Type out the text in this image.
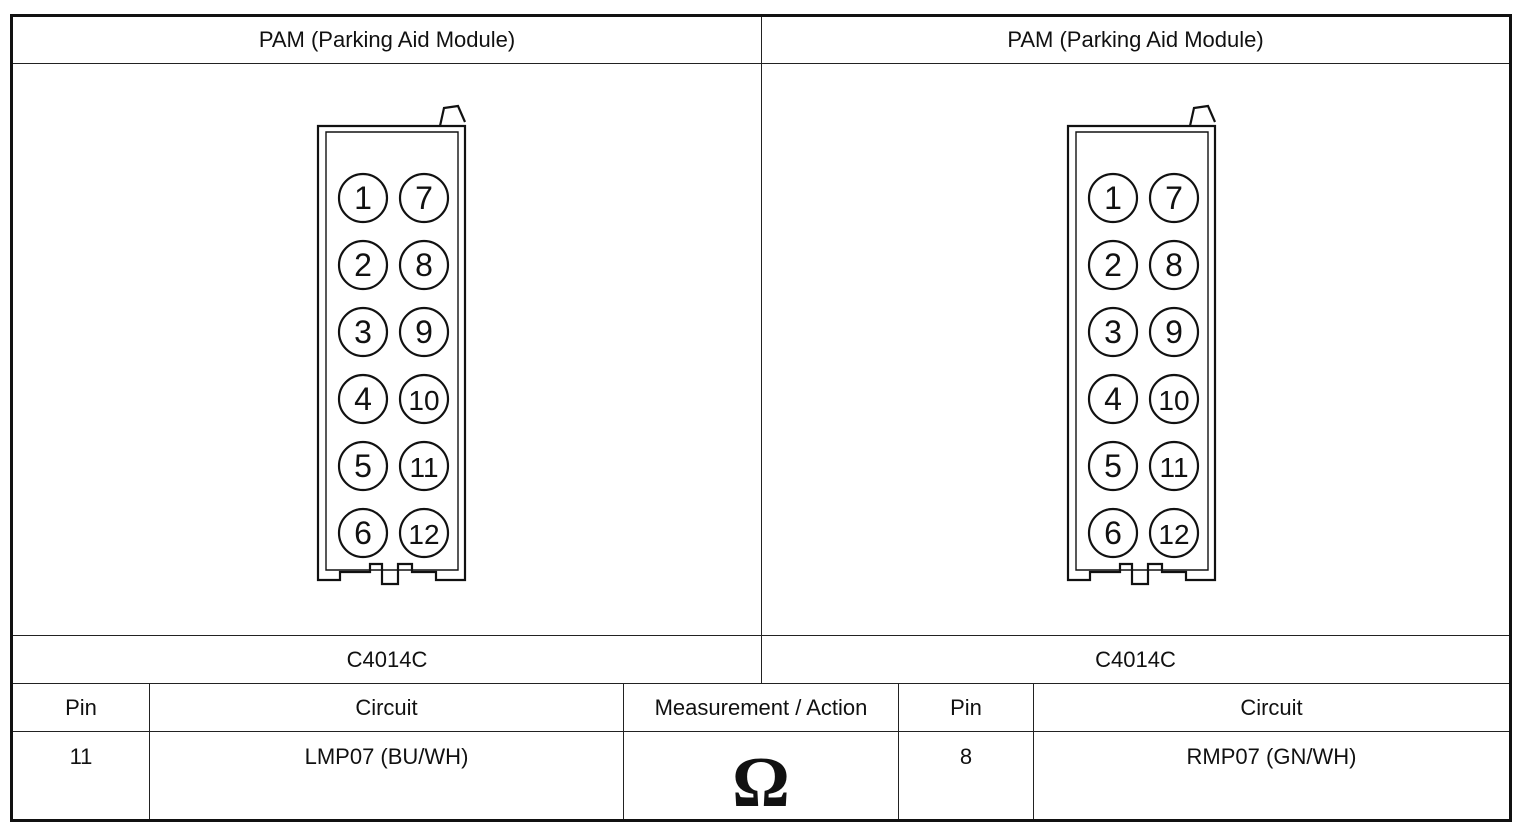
PAM (Parking Aid Module)	PAM (Parking Aid Module)
1 7
2 8
3 9
4 10
5 11
6 12
1 7
2 8
3 9
4 10
5 11
6 12
C4014C	C4014C
Pin	Circuit	Measurement / Action	Pin	Circuit
11	LMP07 (BU/WH)	Ω	8	RMP07 (GN/WH)
